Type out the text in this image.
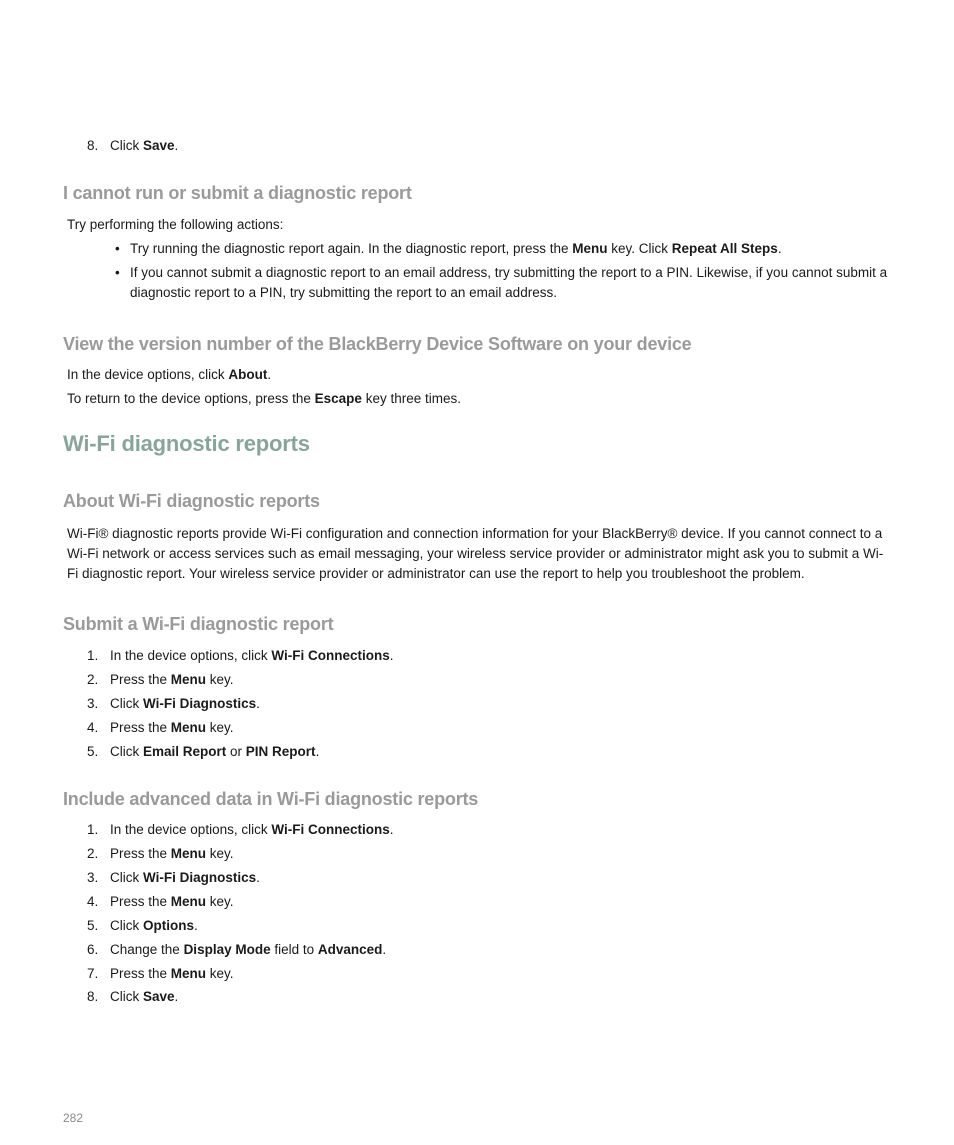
8. Click Save.
I cannot run or submit a diagnostic report
Try performing the following actions:
• Try running the diagnostic report again. In the diagnostic report, press the Menu key. Click Repeat All Steps.
• If you cannot submit a diagnostic report to an email address, try submitting the report to a PIN. Likewise, if you cannot submit a diagnostic report to a PIN, try submitting the report to an email address.
View the version number of the BlackBerry Device Software on your device
In the device options, click About.
To return to the device options, press the Escape key three times.
Wi-Fi diagnostic reports
About Wi-Fi diagnostic reports
Wi-Fi® diagnostic reports provide Wi-Fi configuration and connection information for your BlackBerry® device. If you cannot connect to a Wi-Fi network or access services such as email messaging, your wireless service provider or administrator might ask you to submit a Wi-Fi diagnostic report. Your wireless service provider or administrator can use the report to help you troubleshoot the problem.
Submit a Wi-Fi diagnostic report
1. In the device options, click Wi-Fi Connections.
2. Press the Menu key.
3. Click Wi-Fi Diagnostics.
4. Press the Menu key.
5. Click Email Report or PIN Report.
Include advanced data in Wi-Fi diagnostic reports
1. In the device options, click Wi-Fi Connections.
2. Press the Menu key.
3. Click Wi-Fi Diagnostics.
4. Press the Menu key.
5. Click Options.
6. Change the Display Mode field to Advanced.
7. Press the Menu key.
8. Click Save.
282
